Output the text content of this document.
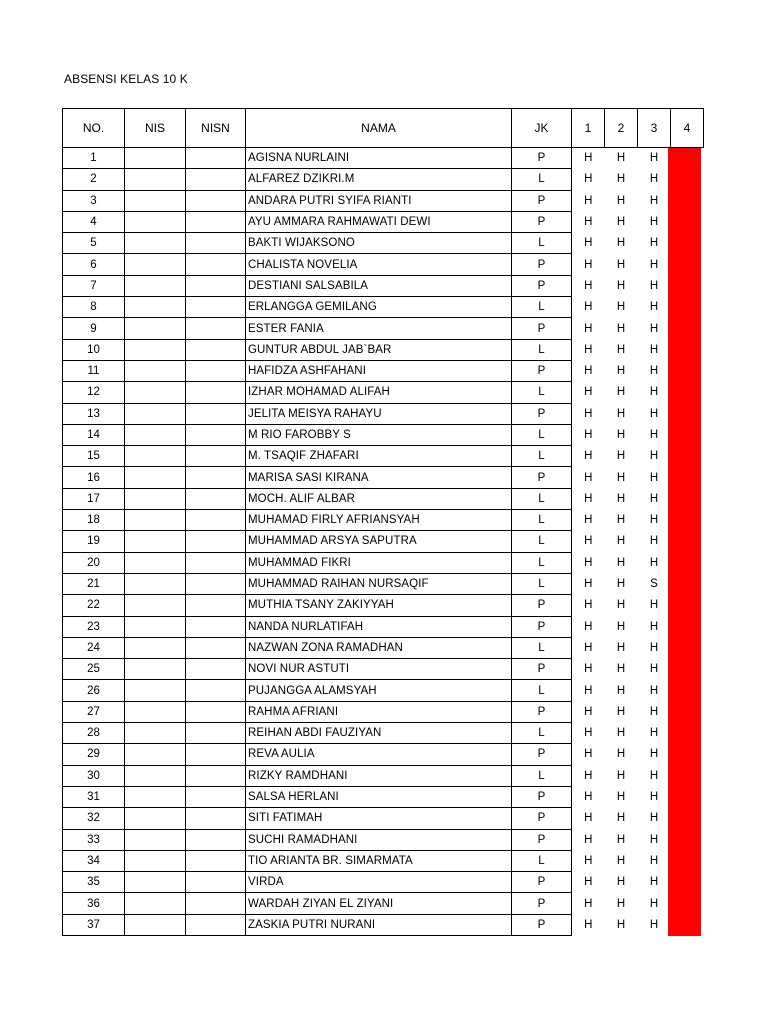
ABSENSI KELAS 10 K
NO.	NIS	NISN	NAMA	JK	1	2	3	4
1			AGISNA NURLAINI	P	H	H	H	
2			ALFAREZ DZIKRI.M	L	H	H	H	
3			ANDARA PUTRI SYIFA RIANTI	P	H	H	H	
4			AYU AMMARA RAHMAWATI DEWI	P	H	H	H	
5			BAKTI WIJAKSONO	L	H	H	H	
6			CHALISTA NOVELIA	P	H	H	H	
7			DESTIANI SALSABILA	P	H	H	H	
8			ERLANGGA GEMILANG	L	H	H	H	
9			ESTER FANIA	P	H	H	H	
10			GUNTUR ABDUL JAB`BAR	L	H	H	H	
11			HAFIDZA ASHFAHANI	P	H	H	H	
12			IZHAR MOHAMAD ALIFAH	L	H	H	H	
13			JELITA MEISYA RAHAYU	P	H	H	H	
14			M RIO FAROBBY S	L	H	H	H	
15			M. TSAQIF ZHAFARI	L	H	H	H	
16			MARISA SASI KIRANA	P	H	H	H	
17			MOCH. ALIF ALBAR	L	H	H	H	
18			MUHAMAD FIRLY AFRIANSYAH	L	H	H	H	
19			MUHAMMAD ARSYA SAPUTRA	L	H	H	H	
20			MUHAMMAD FIKRI	L	H	H	H	
21			MUHAMMAD RAIHAN NURSAQIF	L	H	H	S	
22			MUTHIA TSANY ZAKIYYAH	P	H	H	H	
23			NANDA NURLATIFAH	P	H	H	H	
24			NAZWAN ZONA RAMADHAN	L	H	H	H	
25			NOVI NUR ASTUTI	P	H	H	H	
26			PUJANGGA ALAMSYAH	L	H	H	H	
27			RAHMA AFRIANI	P	H	H	H	
28			REIHAN ABDI FAUZIYAN	L	H	H	H	
29			REVA AULIA	P	H	H	H	
30			RIZKY RAMDHANI	L	H	H	H	
31			SALSA HERLANI	P	H	H	H	
32			SITI FATIMAH	P	H	H	H	
33			SUCHI RAMADHANI	P	H	H	H	
34			TIO ARIANTA BR. SIMARMATA	L	H	H	H	
35			VIRDA	P	H	H	H	
36			WARDAH ZIYAN EL ZIYANI	P	H	H	H	
37			ZASKIA PUTRI NURANI	P	H	H	H	
